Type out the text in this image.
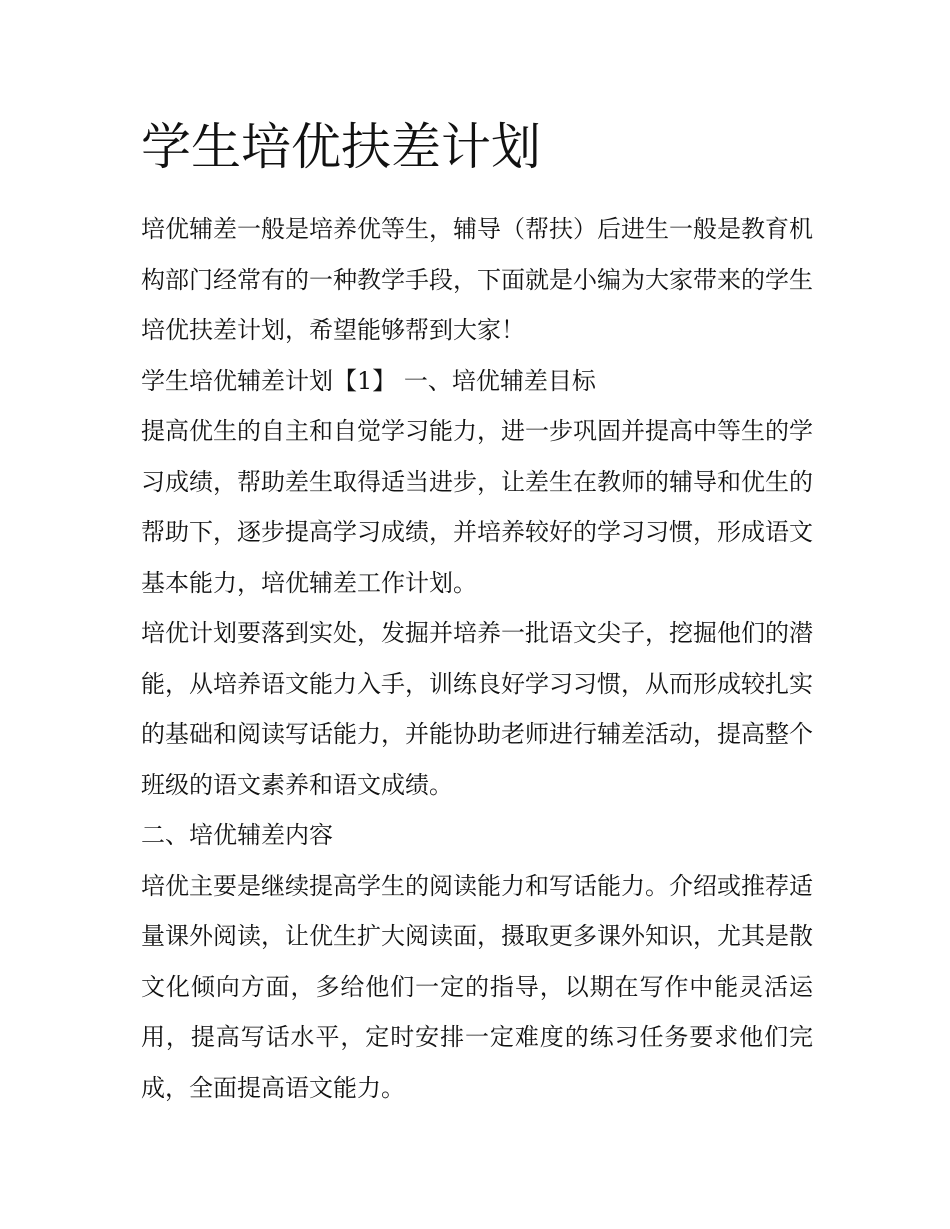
学生培优扶差计划

培优辅差一般是培养优等生，辅导（帮扶）后进生一般是教育机构部门经常有的一种教学手段，下面就是小编为大家带来的学生培优扶差计划，希望能够帮到大家！

学生培优辅差计划【1】 一、培优辅差目标

提高优生的自主和自觉学习能力，进一步巩固并提高中等生的学习成绩，帮助差生取得适当进步，让差生在教师的辅导和优生的帮助下，逐步提高学习成绩，并培养较好的学习习惯，形成语文基本能力，培优辅差工作计划。

培优计划要落到实处，发掘并培养一批语文尖子，挖掘他们的潜能，从培养语文能力入手，训练良好学习习惯，从而形成较扎实的基础和阅读写话能力，并能协助老师进行辅差活动，提高整个班级的语文素养和语文成绩。

二、培优辅差内容

培优主要是继续提高学生的阅读能力和写话能力。介绍或推荐适量课外阅读，让优生扩大阅读面，摄取更多课外知识，尤其是散文化倾向方面，多给他们一定的指导，以期在写作中能灵活运用，提高写话水平，定时安排一定难度的练习任务要求他们完成，全面提高语文能力。
